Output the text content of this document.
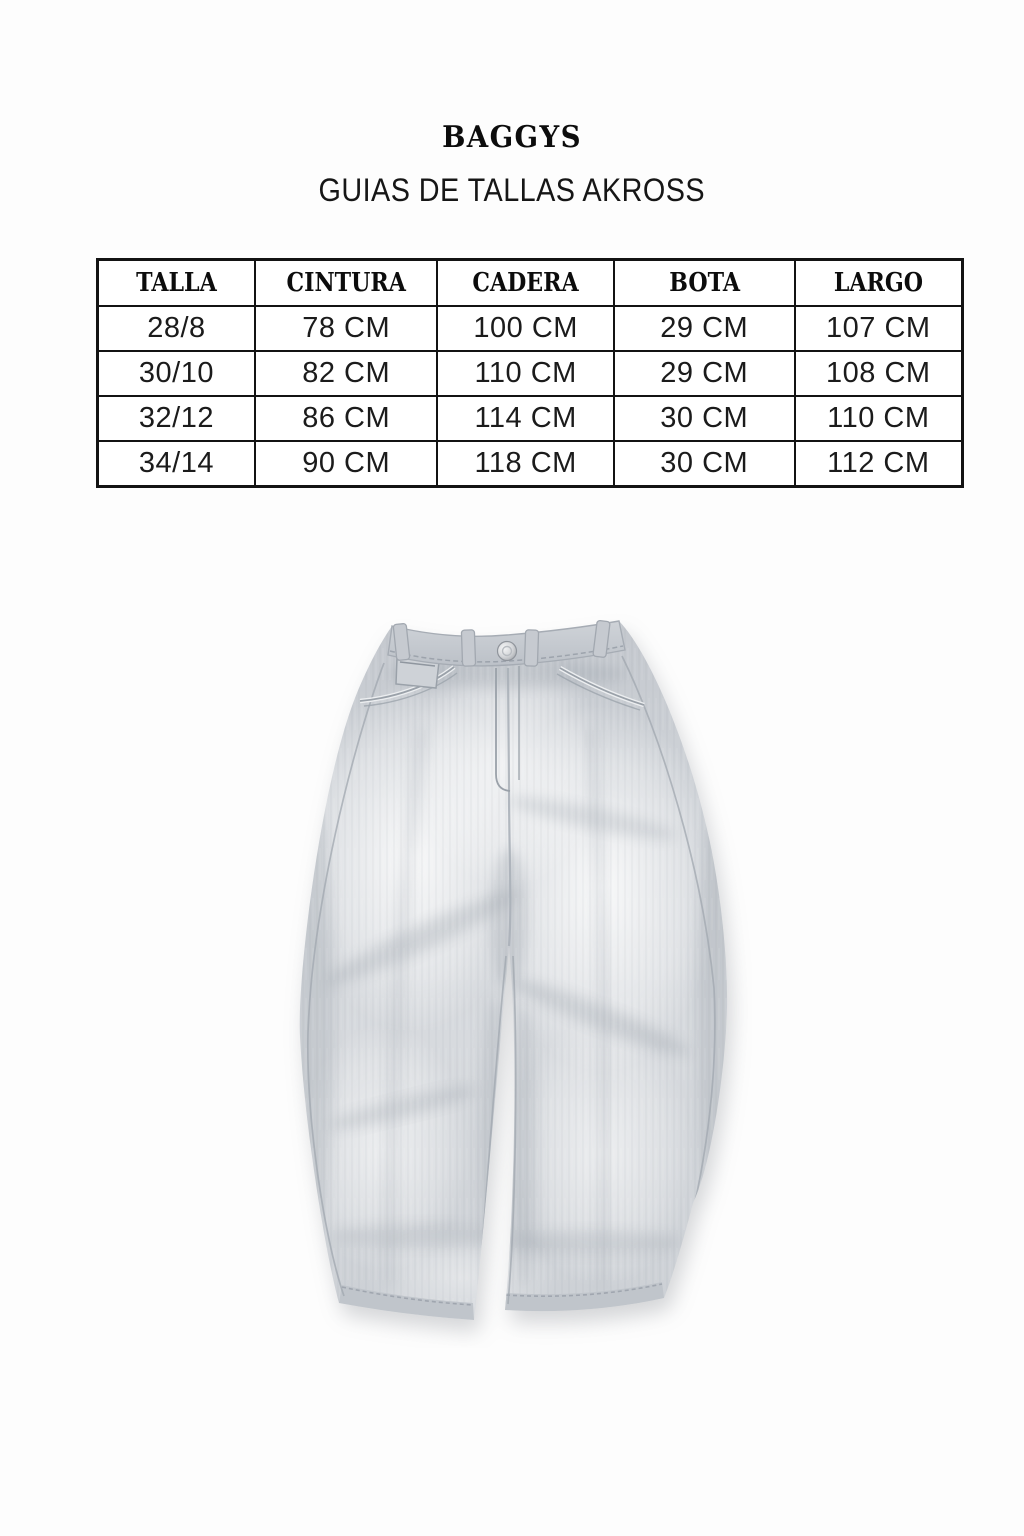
BAGGYS
GUIAS DE TALLAS AKROSS
TALLA	CINTURA	CADERA	BOTA	LARGO
28/8	78 CM	100 CM	29 CM	107 CM
30/10	82 CM	110 CM	29 CM	108 CM
32/12	86 CM	114 CM	30 CM	110 CM
34/14	90 CM	118 CM	30 CM	112 CM
